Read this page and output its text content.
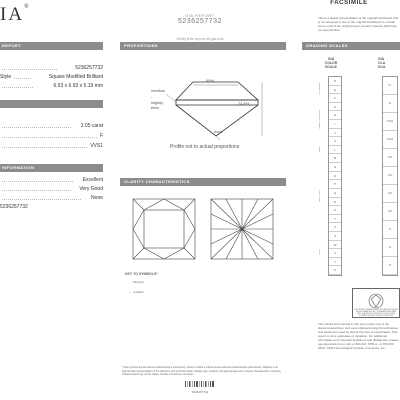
IA®
GIA REPORT
5236257732
Verify this report at gia.edu
FACSIMILE
This is a digital representation of the original GIA Report that is not accepted in lieu of the original GIA Report to contain some or all of the original report security features which are not reproducible.
REPORT
5236257732
Style	Square Modified Brilliant
6.93 x 6.93 x 5.19 mm
2.05 carat
F
VVS1
INFORMATION
Excellent
Very Good
None
5236257732
PROPORTIONS
69%
74.8%
medium
-
slightly
thick
none
Profile not to actual proportions
CLARITY CHARACTERISTICS
KEY TO SYMBOLS*
· Pinpoint
~ Feather
* Red symbols denote internal characteristics (inclusions). Green or black symbols denote external characteristics (blemishes). Diagram is an approximate representation of the diamond, and symbols shown indicate type, position, and approximate size of clarity characteristics. All clarity characteristics may not be shown. Details of finish are not shown.
GRADING SCALES
GIA
COLOR
SCALE
GIA
CLA
SCA
D
E
F
G
H
I
J
K
L
M
N
O
P
Q
R
S
T
U
V
W
X
Y
Z
COLORLESS
NEAR COLORLESS
FAINT
VERY LIGHT
LIGHT
FL
IF
VVS1
VVS2
VS1
VS2
SI1
SI2
I1
I2
I3
THE SECURITY FEATURES IN THIS DOCUMENT, INCLUDING THE HOLOGRAM, SECURITY SCREEN AND MICROPRINT LINES, IN ADDITION TO THOSE NOT LISTED, EXCEED DOCUMENT SECURITY INDUSTRY GUIDELINES.
The results documented in this report refer only to the diamond described, and were obtained using the techniques and equipment used by GIA at the time of examination. This report is not a guarantee or valuation. For additional information and important limitations and disclaimers, please see gia.edu/terms or call +1 800 421 7250 or +1 760 603 4500. ©2014 Gemological Institute of America, Inc.
5236257732
